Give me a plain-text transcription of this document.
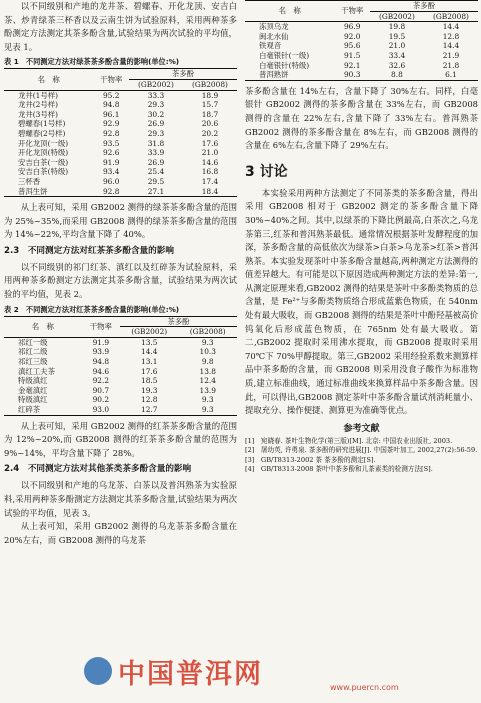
以不同级别和产地的龙井茶、碧螺春、开化龙顶、安吉白茶、炒青绿茶三杯香以及云南生饼为试验原料，采用两种茶多酚测定方法测定其茶多酚含量,试验结果为两次试验的平均值，见表 1。

表 1　不同测定方法对绿茶茶多酚含量的影响(单位:%)
名　称	干物率	茶多酚	
		(GB2002)	(GB2008)
龙井(1号样)	95.2	33.3	18.9
龙井(2号样)	94.8	29.3	15.7
龙井(3号样)	96.1	30.2	18.7
碧螺春(1号样)	92.9	26.9	20.6
碧螺春(2号样)	92.8	29.3	20.2
开化龙顶(一级)	93.5	31.8	17.6
开化龙顶(特级)	92.6	33.9	21.0
安吉白茶(一级)	91.9	26.9	14.6
安吉白茶(特级)	93.4	25.4	16.8
三杯香	96.0	29.5	17.4
普洱生饼	92.8	27.1	18.4

从上表可知，采用 GB2002 测得的绿茶茶多酚含量的范围为 25%~35%,而采用 GB2008 测得的绿茶茶多酚含量的范围为 14%~22%,平均含量下降了 40%。

2.3　不同测定方法对红茶茶多酚含量的影响

以不同级别的祁门红茶、滇红以及红碎茶为试验原料，采用两种茶多酚测定方法测定其茶多酚含量，试验结果为两次试验的平均值，见表 2。

表 2　不同测定方法对红茶茶多酚含量的影响(单位:%)
名　称	干物率	茶多酚	
		(GB2002)	(GB2008)
祁红一级	91.9	13.5	9.3
祁红二级	93.9	14.4	10.3
祁红三级	94.8	13.1	9.8
滇红工夫茶	94.6	17.6	13.8
特级滇红	92.2	18.5	12.4
金毫滇红	90.7	19.3	13.9
特级滇红	90.2	12.8	9.3
红碎茶	93.0	12.7	9.3

从上表可知，采用 GB2002 测得的红茶茶多酚含量的范围为 12%~20%,而 GB2008 测得的红茶茶多酚含量的范围为 9%~14%，平均含量下降了 28%。

2.4　不同测定方法对其他茶类茶多酚含量的影响

以不同级别和产地的乌龙茶、白茶以及普洱熟茶为实验原料,采用两种茶多酚测定方法测定其茶多酚含量,试验结果为两次试验的平均值，见表 3。

从上表可知，采用 GB2002 测得的乌龙茶茶多酚含量在 20%左右，而 GB2008 测得的乌龙茶

名　称	干物率	茶多酚	
		(GB2002)	(GB2008)
冻顶乌龙	96.9	19.8	14.4
闽北水仙	92.0	19.5	12.8
铁观音	95.6	21.0	14.4
白毫银针(一级)	91.5	33.4	21.9
白毫银针(特级)	92.1	32.6	21.8
普洱熟饼	90.3	8.8	6.1

茶多酚含量在 14%左右，含量下降了 30%左右。同样，白毫银针 GB2002 测得的茶多酚含量在 33%左右，而 GB2008 测得的含量在 22%左右,含量下降了 33%左右。普洱熟茶 GB2002 测得的茶多酚含量在 8%左右，而 GB2008 测得的含量在 6%左右,含量下降了 29%左右。

3 讨论

本实验采用两种方法测定了不同茶类的茶多酚含量，得出采用 GB2008 相对于 GB2002 测定的茶多酚含量下降 30%~40%之间。其中,以绿茶的下降比例最高,白茶次之,乌龙茶第三,红茶和普洱熟茶最低。通常情况根据茶叶发酵程度的加深，茶多酚含量的高低依次为绿茶>白茶>乌龙茶>红茶>普洱熟茶。本实验发现茶叶中茶多酚含量越高,两种测定方法测得的值差异越大。有可能是以下原因造成两种测定方法的差异:第一,从测定原理来看,GB2002 测得的结果是茶叶中多酚类物质的总含量，是 Fe²⁺与多酚类物质络合形成蓝紫色物质，在 540nm 处有最大吸收，而 GB2008 测得的结果是茶叶中酚羟基被高价钨氧化后形成蓝色物质，在 765nm 处有最大吸收。第二,GB2002 提取时采用沸水提取，而 GB2008 提取时采用 70℃下 70%甲醇提取。第三,GB2002 采用经验系数来测算样品中茶多酚的含量，而 GB2008 则采用没食子酸作为标准物质,建立标准曲线，通过标准曲线来换算样品中茶多酚含量。因此，可以得出,GB2008 测定茶叶中茶多酚含量试剂消耗量小、提取充分、操作便捷、测算更为准确等优点。

参考文献

[1]　宛晓春. 茶叶生物化学(第三版)[M]. 北京: 中国农业出版社, 2003.

[2]　屠幼英, 许勇泉. 茶多酚的研究进展[J]. 中国茶叶加工, 2002,27(2):56-59.

[3]　GB/T8313-2002 茶 茶多酚的测定[S].

[4]　GB/T8313-2008 茶叶中茶多酚和儿茶素类的检测方法[S].

中国普洱网	www.puercn.com
